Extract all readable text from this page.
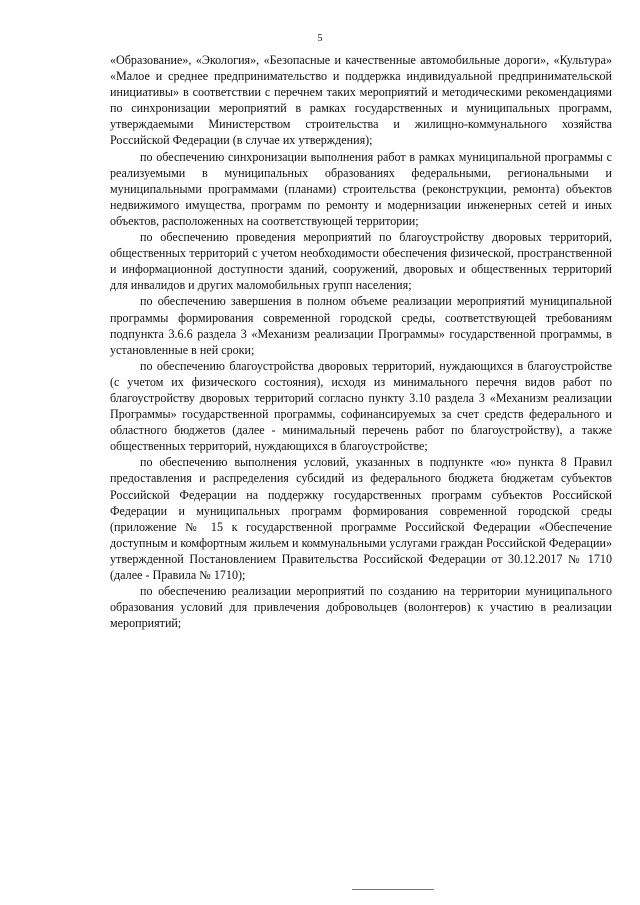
5

«Образование», «Экология», «Безопасные и качественные автомобильные дороги», «Культура» «Малое и среднее предпринимательство и поддержка индивидуальной предпринимательской инициативы» в соответствии с перечнем таких мероприятий и методическими рекомендациями по синхронизации мероприятий в рамках государственных и муниципальных программ, утверждаемыми Министерством строительства и жилищно-коммунального хозяйства Российской Федерации (в случае их утверждения);

по обеспечению синхронизации выполнения работ в рамках муниципальной программы с реализуемыми в муниципальных образованиях федеральными, региональными и муниципальными программами (планами) строительства (реконструкции, ремонта) объектов недвижимого имущества, программ по ремонту и модернизации инженерных сетей и иных объектов, расположенных на соответствующей территории;

по обеспечению проведения мероприятий по благоустройству дворовых территорий, общественных территорий с учетом необходимости обеспечения физической, пространственной и информационной доступности зданий, сооружений, дворовых и общественных территорий для инвалидов и других маломобильных групп населения;

по обеспечению завершения в полном объеме реализации мероприятий муниципальной программы формирования современной городской среды, соответствующей требованиям подпункта 3.6.6 раздела 3 «Механизм реализации Программы» государственной программы, в установленные в ней сроки;

по обеспечению благоустройства дворовых территорий, нуждающихся в благоустройстве (с учетом их физического состояния), исходя из минимального перечня видов работ по благоустройству дворовых территорий согласно пункту 3.10 раздела 3 «Механизм реализации Программы» государственной программы, софинансируемых за счет средств федерального и областного бюджетов (далее - минимальный перечень работ по благоустройству), а также общественных территорий, нуждающихся в благоустройстве;

по обеспечению выполнения условий, указанных в подпункте «ю» пункта 8 Правил предоставления и распределения субсидий из федерального бюджета бюджетам субъектов Российской Федерации на поддержку государственных программ субъектов Российской Федерации и муниципальных программ формирования современной городской среды (приложение № 15 к государственной программе Российской Федерации «Обеспечение доступным и комфортным жильем и коммунальными услугами граждан Российской Федерации» утвержденной Постановлением Правительства Российской Федерации от 30.12.2017 № 1710 (далее - Правила № 1710);

по обеспечению реализации мероприятий по созданию на территории муниципального образования условий для привлечения добровольцев (волонтеров) к участию в реализации мероприятий;
